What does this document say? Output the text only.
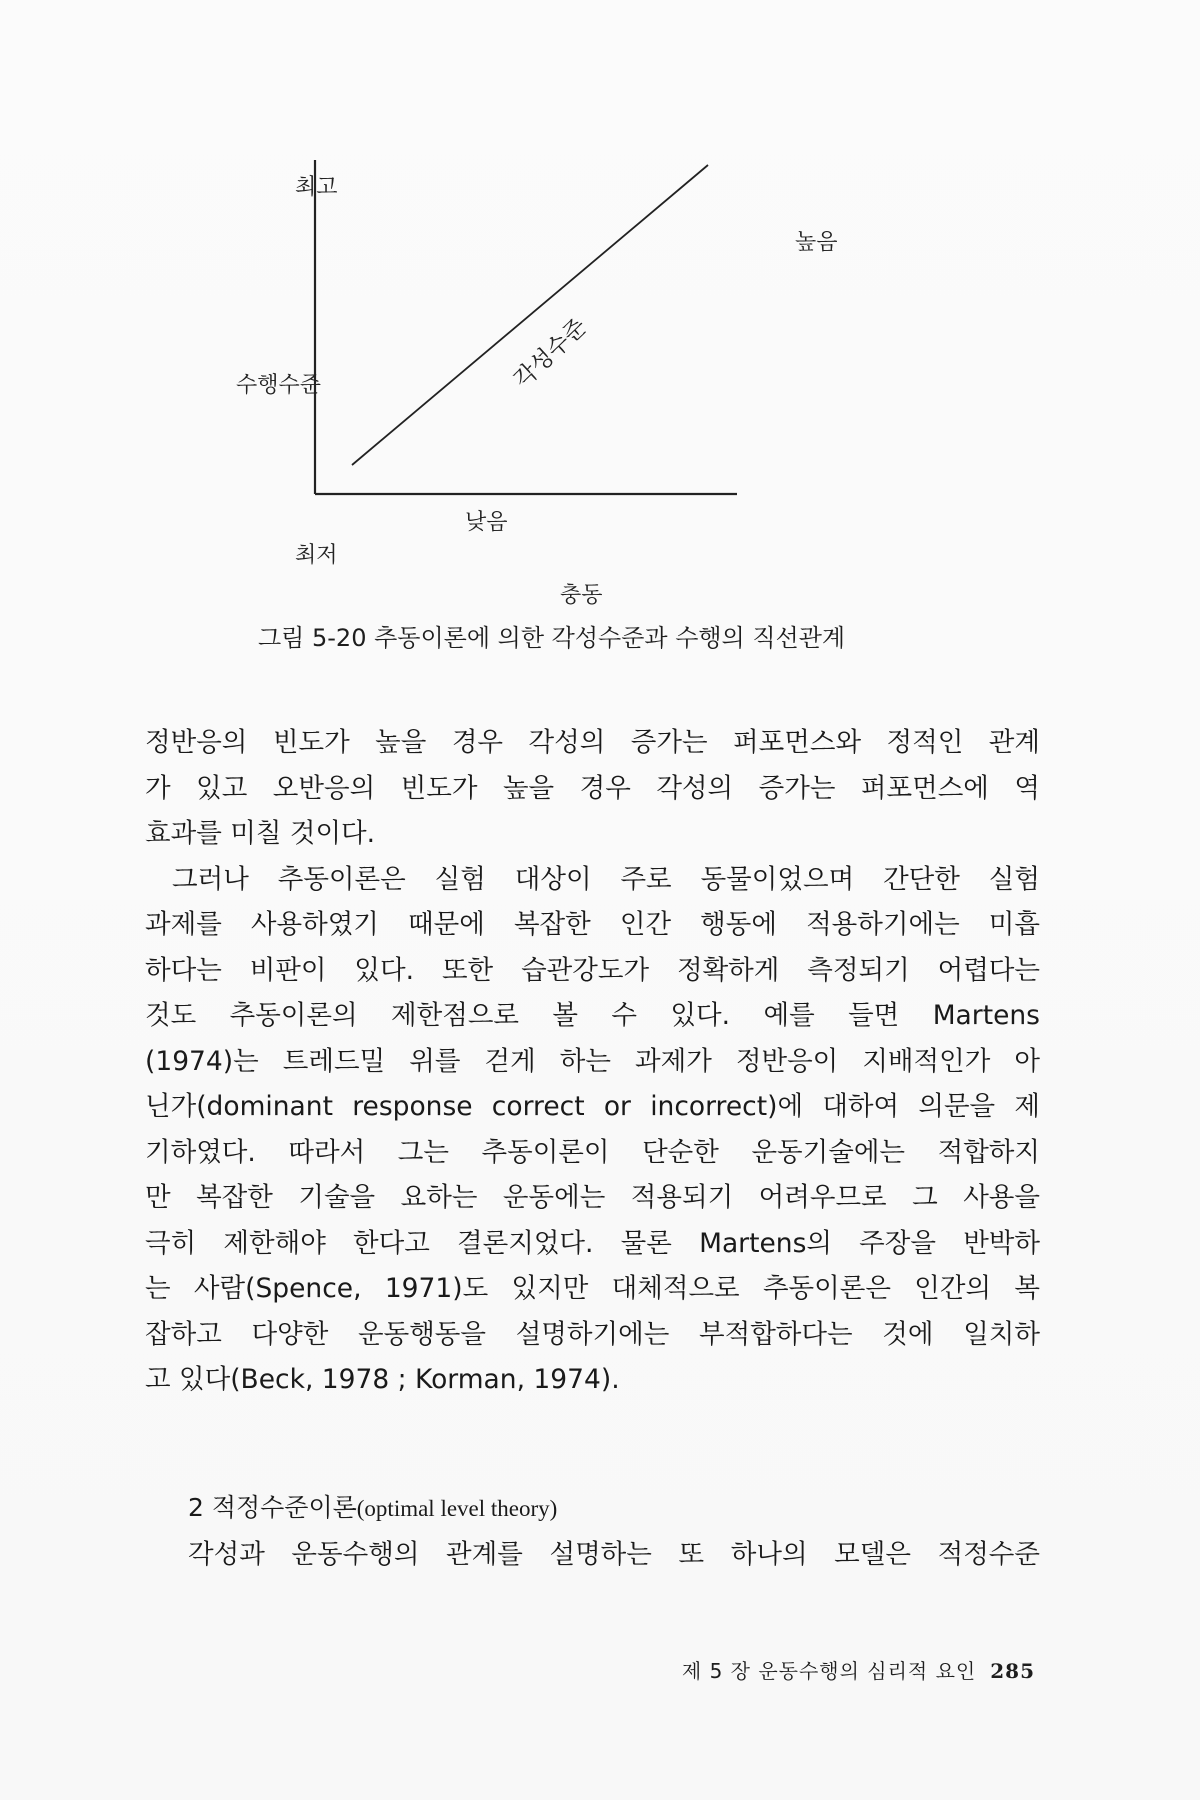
최고
수행수준
최저
충동
높음
낮음
각성수준
그림 5-20 추동이론에 의한 각성수준과 수행의 직선관계
정반응의 빈도가 높을 경우 각성의 증가는 퍼포먼스와 정적인 관계
가 있고 오반응의 빈도가 높을 경우 각성의 증가는 퍼포먼스에 역
효과를 미칠 것이다.
그러나 추동이론은 실험 대상이 주로 동물이었으며 간단한 실험
과제를 사용하였기 때문에 복잡한 인간 행동에 적용하기에는 미흡
하다는 비판이 있다. 또한 습관강도가 정확하게 측정되기 어렵다는
것도 추동이론의 제한점으로 볼 수 있다. 예를 들면 Martens
(1974)는 트레드밀 위를 걷게 하는 과제가 정반응이 지배적인가 아
닌가(dominant response correct or incorrect)에 대하여 의문을 제
기하였다. 따라서 그는 추동이론이 단순한 운동기술에는 적합하지
만 복잡한 기술을 요하는 운동에는 적용되기 어려우므로 그 사용을
극히 제한해야 한다고 결론지었다. 물론 Martens의 주장을 반박하
는 사람(Spence, 1971)도 있지만 대체적으로 추동이론은 인간의 복
잡하고 다양한 운동행동을 설명하기에는 부적합하다는 것에 일치하
고 있다(Beck, 1978 ; Korman, 1974).
2 적정수준이론(optimal level theory)
각성과 운동수행의 관계를 설명하는 또 하나의 모델은 적정수준
제 5 장 운동수행의 심리적 요인 285
